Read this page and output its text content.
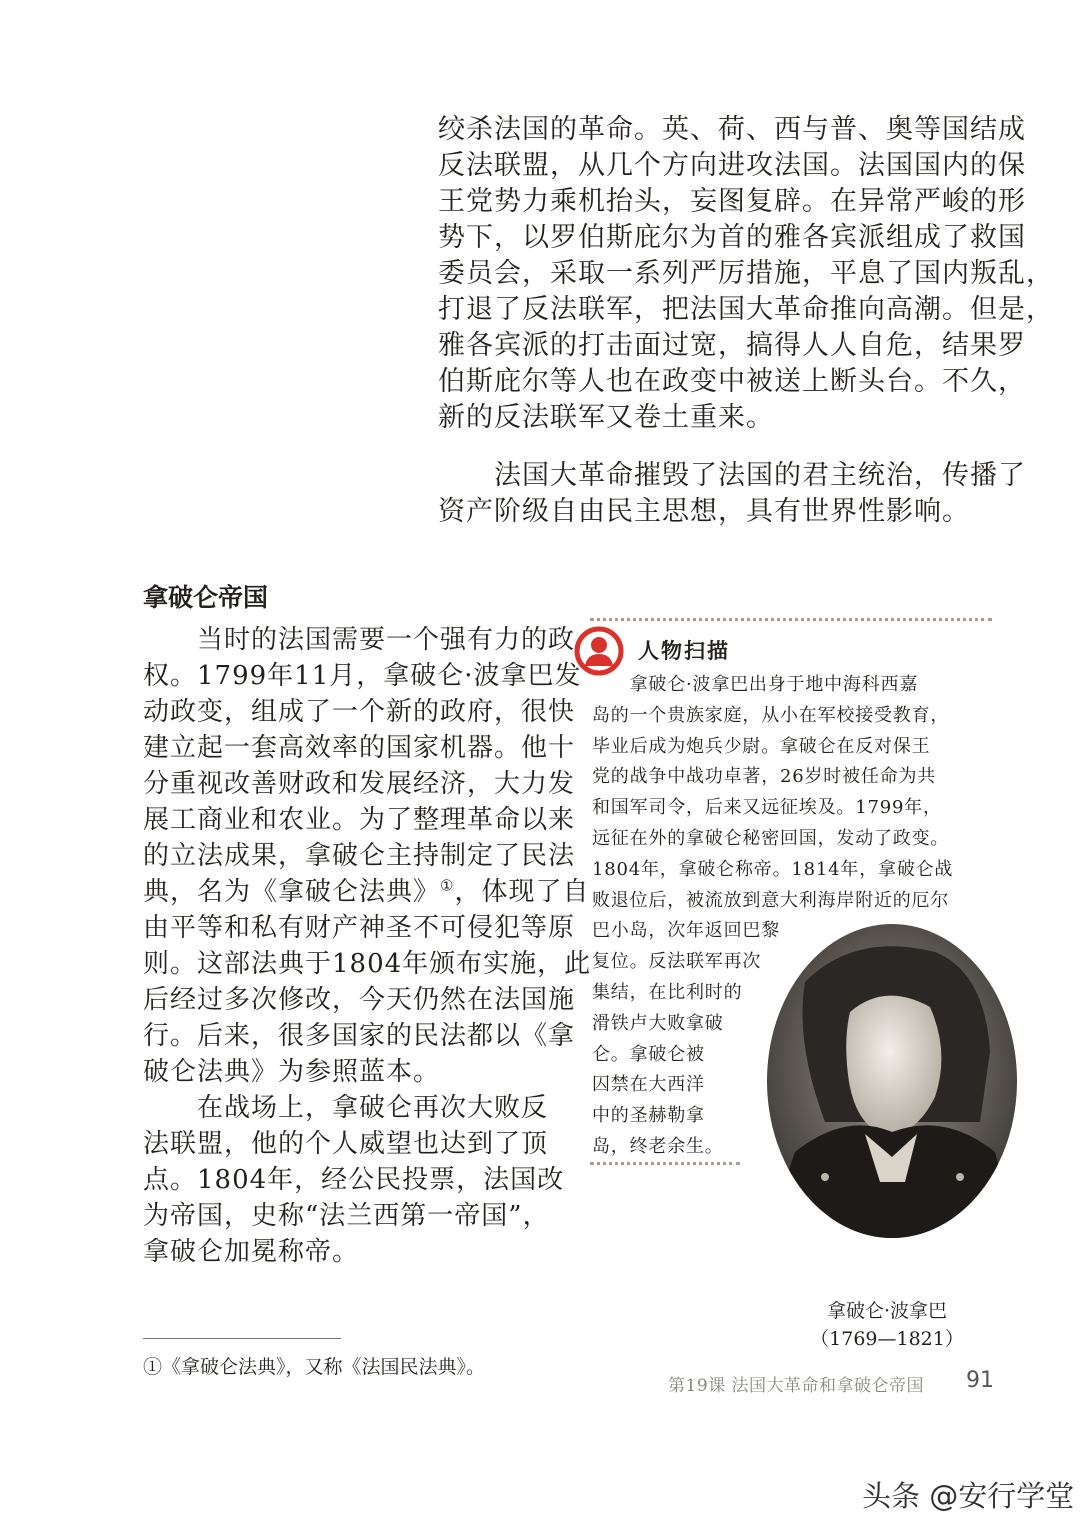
绞杀法国的革命。英、荷、西与普、奥等国结成
反法联盟，从几个方向进攻法国。法国国内的保
王党势力乘机抬头，妄图复辟。在异常严峻的形
势下，以罗伯斯庇尔为首的雅各宾派组成了救国
委员会，采取一系列严厉措施，平息了国内叛乱，
打退了反法联军，把法国大革命推向高潮。但是，
雅各宾派的打击面过宽，搞得人人自危，结果罗
伯斯庇尔等人也在政变中被送上断头台。不久，
新的反法联军又卷土重来。
　　法国大革命摧毁了法国的君主统治，传播了
资产阶级自由民主思想，具有世界性影响。
拿破仑帝国
　　当时的法国需要一个强有力的政
权。1799年11月，拿破仑·波拿巴发
动政变，组成了一个新的政府，很快
建立起一套高效率的国家机器。他十
分重视改善财政和发展经济，大力发
展工商业和农业。为了整理革命以来
的立法成果，拿破仑主持制定了民法
典，名为《拿破仑法典》①，体现了自
由平等和私有财产神圣不可侵犯等原
则。这部法典于1804年颁布实施，此
后经过多次修改，今天仍然在法国施
行。后来，很多国家的民法都以《拿
破仑法典》为参照蓝本。
　　在战场上，拿破仑再次大败反
法联盟，他的个人威望也达到了顶
点。1804年，经公民投票，法国改
为帝国，史称“法兰西第一帝国”，
拿破仑加冕称帝。
人物扫描
　　拿破仑·波拿巴出身于地中海科西嘉
岛的一个贵族家庭，从小在军校接受教育，
毕业后成为炮兵少尉。拿破仑在反对保王
党的战争中战功卓著，26岁时被任命为共
和国军司令，后来又远征埃及。1799年，
远征在外的拿破仑秘密回国，发动了政变。
1804年，拿破仑称帝。1814年，拿破仑战
败退位后，被流放到意大利海岸附近的厄尔
巴小岛，次年返回巴黎
复位。反法联军再次
集结，在比利时的
滑铁卢大败拿破
仑。拿破仑被
囚禁在大西洋
中的圣赫勒拿
岛，终老余生。
拿破仑·波拿巴
（1769—1821）
①《拿破仑法典》，又称《法国民法典》。
第19课 法国大革命和拿破仑帝国 91
头条 @安行学堂
